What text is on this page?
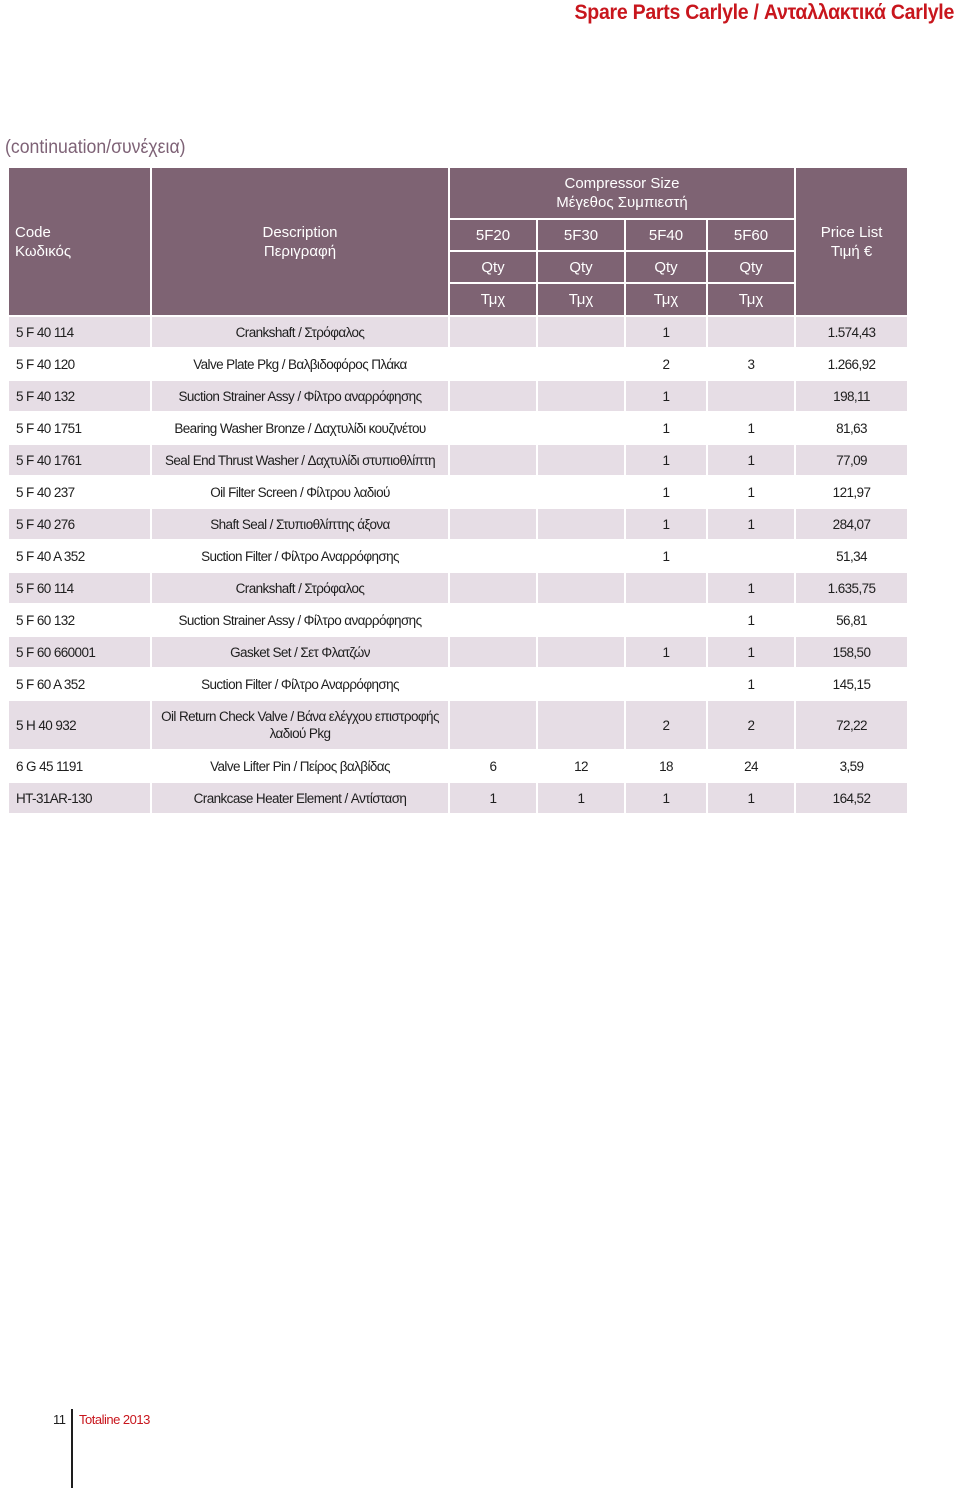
Spare Parts Carlyle / Ανταλλακτικά Carlyle
(continuation/συνέχεια)
Code
Κωδικός	Description
Περιγραφή	Compressor Size
Μέγεθος Συμπιεστή				Price List
Τιμή €
		5F20	5F30	5F40	5F60	
		Qty	Qty	Qty	Qty	
		Τμχ	Τμχ	Τμχ	Τμχ	
5 F 40 114	Crankshaft / Στρόφαλος			1		1.574,43
5 F 40 120	Valve Plate Pkg / Βαλβιδοφόρος Πλάκα			2	3	1.266,92
5 F 40 132	Suction Strainer Assy / Φίλτρο αναρρόφησης			1		198,11
5 F 40 1751	Bearing Washer Bronze / Δαχτυλίδι κουζινέτου			1	1	81,63
5 F 40 1761	Seal End Thrust Washer / Δαχτυλίδι στυπιοθλίπτη			1	1	77,09
5 F 40 237	Oil Filter Screen / Φίλτρου λαδιού			1	1	121,97
5 F 40 276	Shaft Seal / Στυπιοθλίπτης άξονα			1	1	284,07
5 F 40 A 352	Suction Filter / Φίλτρο Αναρρόφησης			1		51,34
5 F 60 114	Crankshaft / Στρόφαλος				1	1.635,75
5 F 60 132	Suction Strainer Assy / Φίλτρο αναρρόφησης				1	56,81
5 F 60 660001	Gasket Set / Σετ Φλατζών			1	1	158,50
5 F 60 A 352	Suction Filter / Φίλτρο Αναρρόφησης				1	145,15
5 H 40 932	Oil Return Check Valve / Βάνα ελέγχου επιστροφής λαδιού Pkg			2	2	72,22
6 G 45 1191	Valve Lifter Pin / Πείρος βαλβίδας	6	12	18	24	3,59
HT-31AR-130	Crankcase Heater Element / Αντίσταση	1	1	1	1	164,52
11 Totaline 2013
